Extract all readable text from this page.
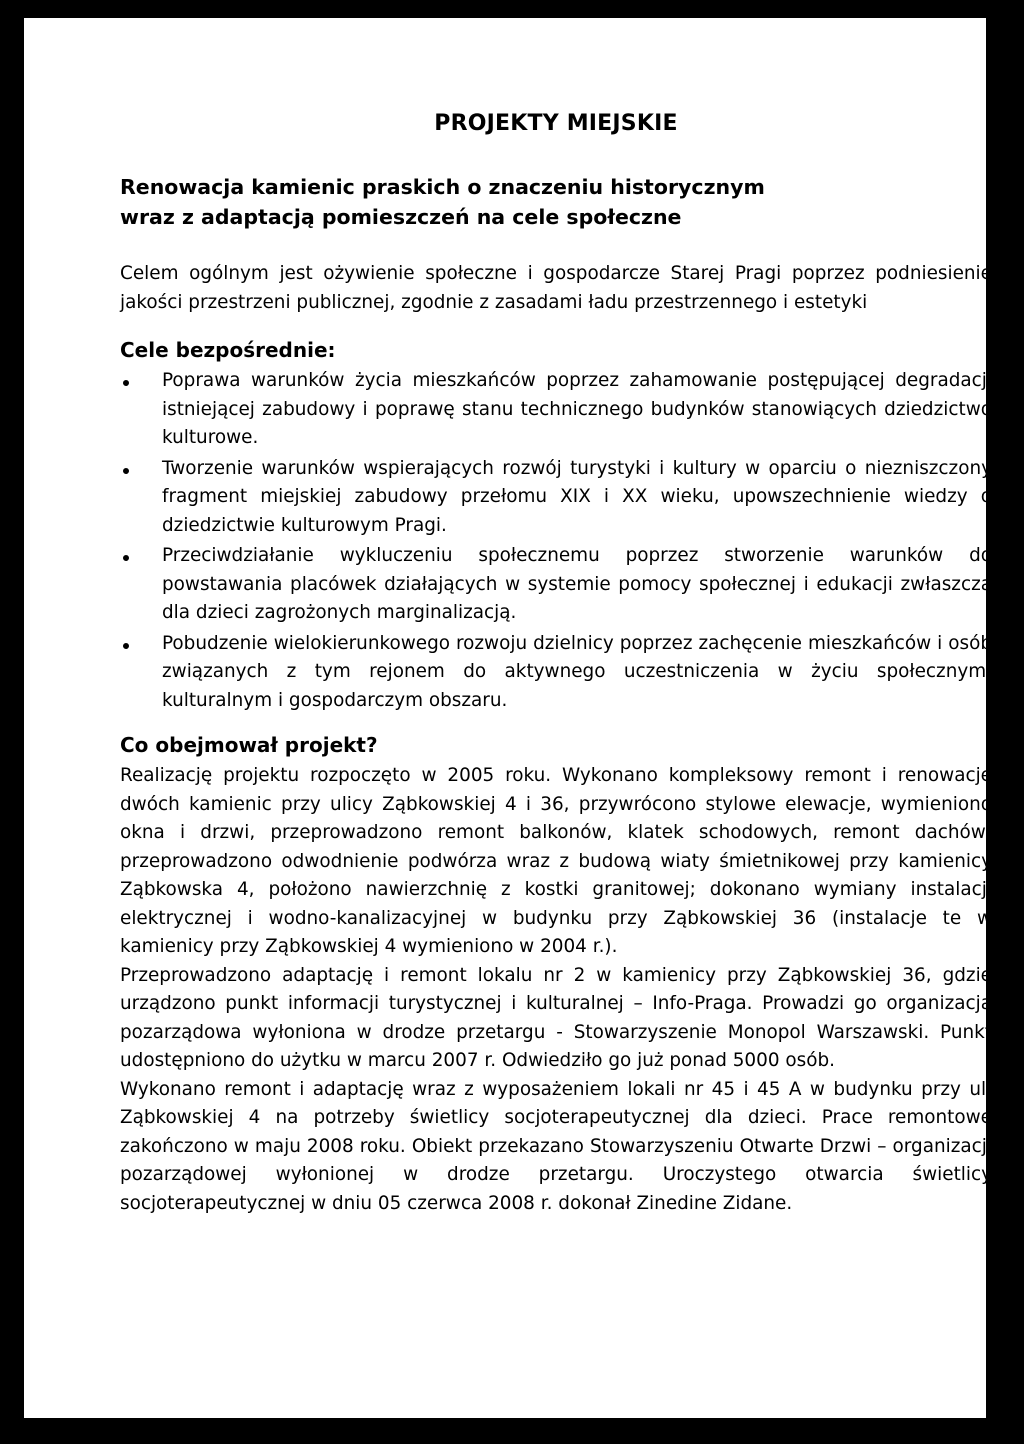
PROJEKTY MIEJSKIE
Renowacja kamienic praskich o znaczeniu historycznym
wraz z adaptacją pomieszczeń na cele społeczne

Celem ogólnym jest ożywienie społeczne i gospodarcze Starej Pragi poprzez podniesienie jakości przestrzeni publicznej, zgodnie z zasadami ładu przestrzennego i estetyki

Cele bezpośrednie:
Poprawa warunków życia mieszkańców poprzez zahamowanie postępującej degradacji istniejącej zabudowy i poprawę stanu technicznego budynków stanowiących dziedzictwo kulturowe.
Tworzenie warunków wspierających rozwój turystyki i kultury w oparciu o niezniszczony fragment miejskiej zabudowy przełomu XIX i XX wieku, upowszechnienie wiedzy o dziedzictwie kulturowym Pragi.
Przeciwdziałanie wykluczeniu społecznemu poprzez stworzenie warunków do powstawania placówek działających w systemie pomocy społecznej i edukacji zwłaszcza dla dzieci zagrożonych marginalizacją.
Pobudzenie wielokierunkowego rozwoju dzielnicy poprzez zachęcenie mieszkańców i osób związanych z tym rejonem do aktywnego uczestniczenia w życiu społecznym, kulturalnym i gospodarczym obszaru.
Co obejmował projekt?

Realizację projektu rozpoczęto w 2005 roku. Wykonano kompleksowy remont i renowację dwóch kamienic przy ulicy Ząbkowskiej 4 i 36, przywrócono stylowe elewacje, wymieniono okna i drzwi, przeprowadzono remont balkonów, klatek schodowych, remont dachów; przeprowadzono odwodnienie podwórza wraz z budową wiaty śmietnikowej przy kamienicy Ząbkowska 4, położono nawierzchnię z kostki granitowej; dokonano wymiany instalacji elektrycznej i wodno-kanalizacyjnej w budynku przy Ząbkowskiej 36 (instalacje te w kamienicy przy Ząbkowskiej 4 wymieniono w 2004 r.).

Przeprowadzono adaptację i remont lokalu nr 2 w kamienicy przy Ząbkowskiej 36, gdzie urządzono punkt informacji turystycznej i kulturalnej – Info-Praga. Prowadzi go organizacja pozarządowa wyłoniona w drodze przetargu - Stowarzyszenie Monopol Warszawski. Punkt udostępniono do użytku w marcu 2007 r. Odwiedziło go już ponad 5000 osób.

Wykonano remont i adaptację wraz z wyposażeniem lokali nr 45 i 45 A w budynku przy ul. Ząbkowskiej 4 na potrzeby świetlicy socjoterapeutycznej dla dzieci. Prace remontowe zakończono w maju 2008 roku. Obiekt przekazano Stowarzyszeniu Otwarte Drzwi – organizacji pozarządowej wyłonionej w drodze przetargu. Uroczystego otwarcia świetlicy socjoterapeutycznej w dniu 05 czerwca 2008 r. dokonał Zinedine Zidane.
